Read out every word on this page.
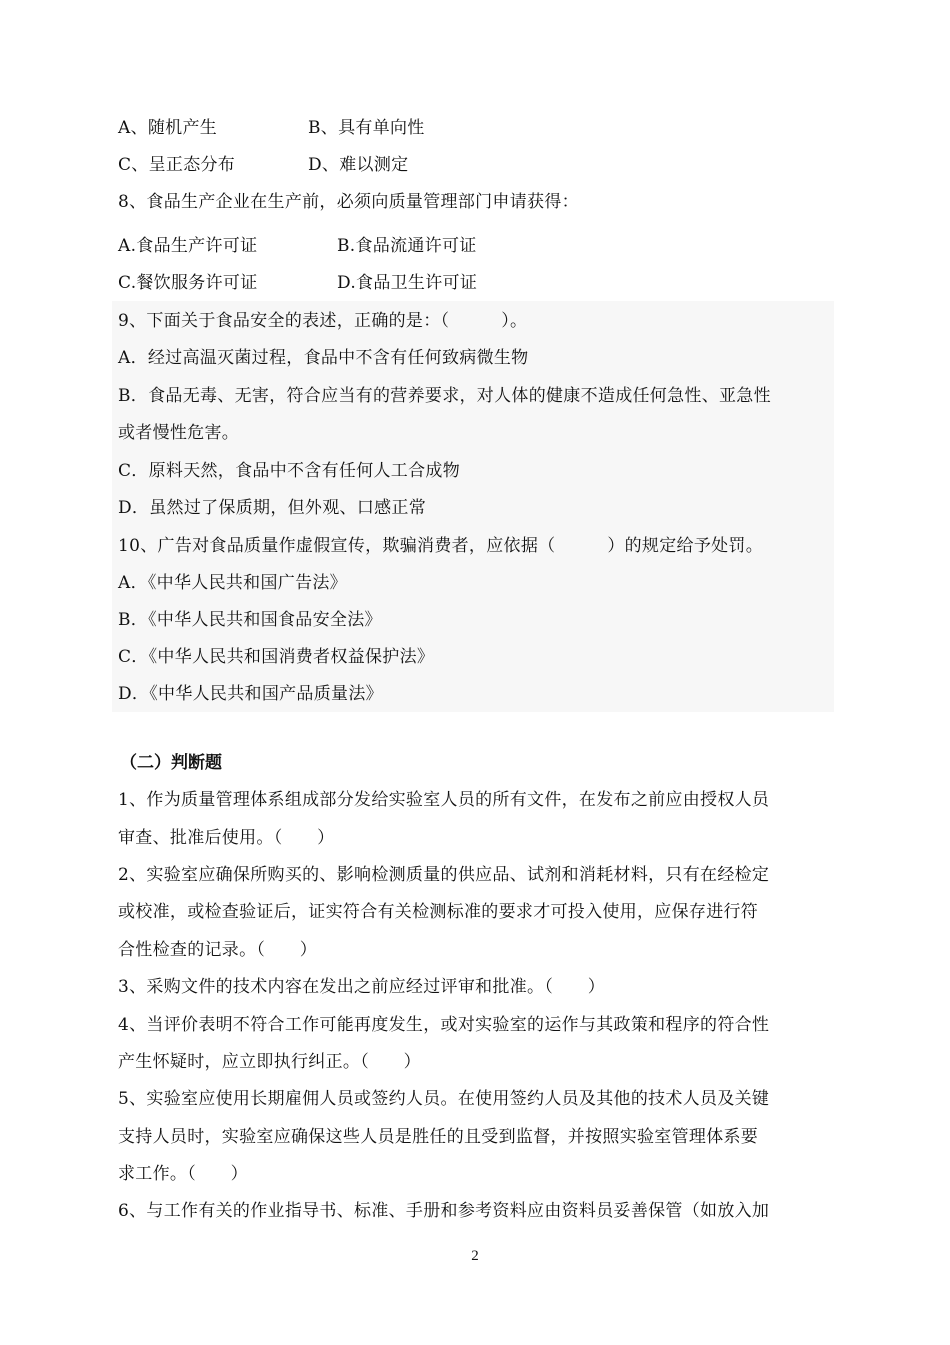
A、随机产生	B、具有单向性
C、呈正态分布	D、难以测定
8、食品生产企业在生产前，必须向质量管理部门申请获得：
A.食品生产许可证	B.食品流通许可证
C.餐饮服务许可证	D.食品卫生许可证
9、下面关于食品安全的表述，正确的是：（　　　）。
A．经过高温灭菌过程，食品中不含有任何致病微生物
B．食品无毒、无害，符合应当有的营养要求，对人体的健康不造成任何急性、亚急性
或者慢性危害。
C．原料天然，食品中不含有任何人工合成物
D．虽然过了保质期，但外观、口感正常
10、广告对食品质量作虚假宣传，欺骗消费者，应依据（　　　）的规定给予处罚。
A．《中华人民共和国广告法》
B．《中华人民共和国食品安全法》
C．《中华人民共和国消费者权益保护法》
D．《中华人民共和国产品质量法》
（二）判断题
1、作为质量管理体系组成部分发给实验室人员的所有文件，在发布之前应由授权人员
审查、批准后使用。（　　）
2、实验室应确保所购买的、影响检测质量的供应品、试剂和消耗材料，只有在经检定
或校准，或检查验证后，证实符合有关检测标准的要求才可投入使用，应保存进行符
合性检查的记录。（　　）
3、采购文件的技术内容在发出之前应经过评审和批准。（　　）
4、当评价表明不符合工作可能再度发生，或对实验室的运作与其政策和程序的符合性
产生怀疑时，应立即执行纠正。（　　）
5、实验室应使用长期雇佣人员或签约人员。在使用签约人员及其他的技术人员及关键
支持人员时，实验室应确保这些人员是胜任的且受到监督，并按照实验室管理体系要
求工作。（　　）
6、与工作有关的作业指导书、标准、手册和参考资料应由资料员妥善保管（如放入加
2
